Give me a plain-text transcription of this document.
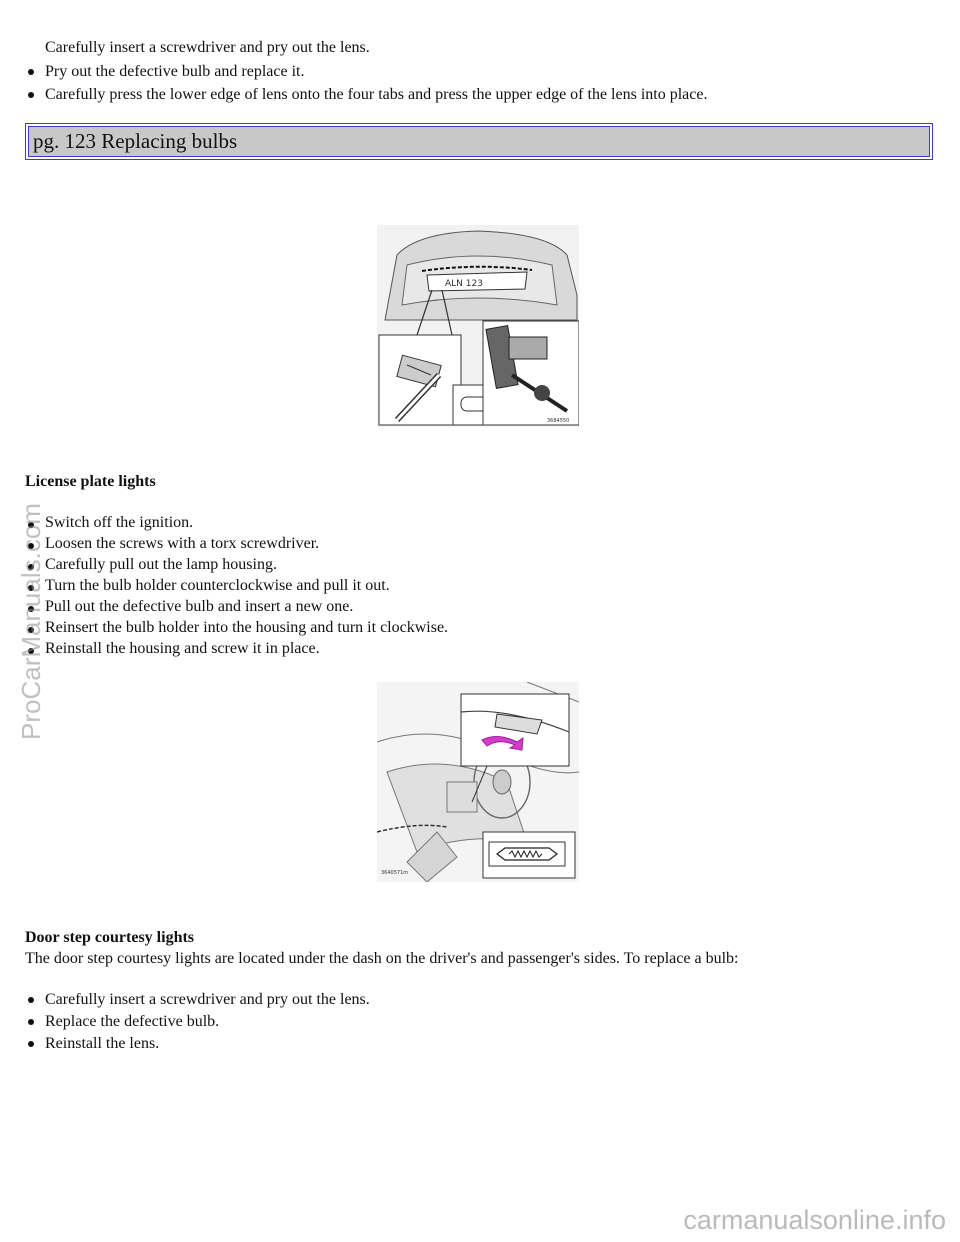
Carefully insert a screwdriver and pry out the lens.
Pry out the defective bulb and replace it.
Carefully press the lower edge of lens onto the four tabs and press the upper edge of the lens into place.
pg. 123 Replacing bulbs
ALN 123
3684550
License plate lights
Switch off the ignition.
Loosen the screws with a torx screwdriver.
Carefully pull out the lamp housing.
Turn the bulb holder counterclockwise and pull it out.
Pull out the defective bulb and insert a new one.
Reinsert the bulb holder into the housing and turn it clockwise.
Reinstall the housing and screw it in place.
3640571m
Door step courtesy lights
The door step courtesy lights are located under the dash on the driver's and passenger's sides. To replace a bulb:
Carefully insert a screwdriver and pry out the lens.
Replace the defective bulb.
Reinstall the lens.
ProCarManuals.com
carmanualsonline.info
